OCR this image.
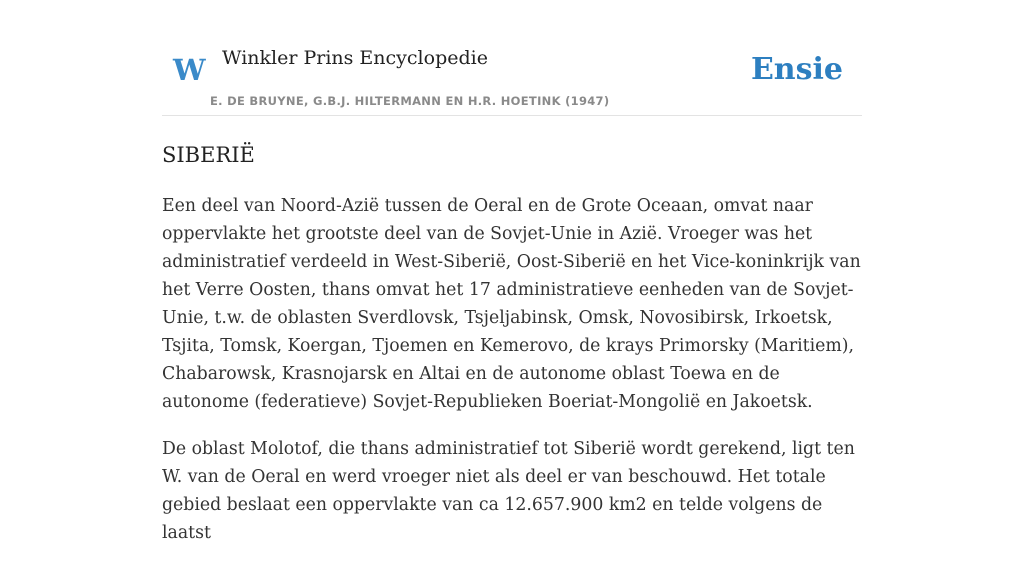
W Winkler Prins Encyclopedie
E. DE BRUYNE, G.B.J. HILTERMANN EN H.R. HOETINK (1947)
Ensie
SIBERIË

Een deel van Noord-Azië tussen de Oeral en de Grote Oceaan, omvat naar oppervlakte het grootste deel van de Sovjet-Unie in Azië. Vroeger was het administratief verdeeld in West-Siberië, Oost-Siberië en het Vice-koninkrijk van het Verre Oosten, thans omvat het 17 administratieve eenheden van de Sovjet-Unie, t.w. de oblasten Sverdlovsk, Tsjeljabinsk, Omsk, Novosibirsk, Irkoetsk, Tsjita, Tomsk, Koergan, Tjoemen en Kemerovo, de krays Primorsky (Maritiem), Chabarowsk, Krasnojarsk en Altai en de autonome oblast Toewa en de autonome (federatieve) Sovjet-Republieken Boeriat-Mongolië en Jakoetsk.

De oblast Molotof, die thans administratief tot Siberië wordt gerekend, ligt ten W. van de Oeral en werd vroeger niet als deel er van beschouwd. Het totale gebied beslaat een oppervlakte van ca 12.657.900 km2 en telde volgens de laatst
